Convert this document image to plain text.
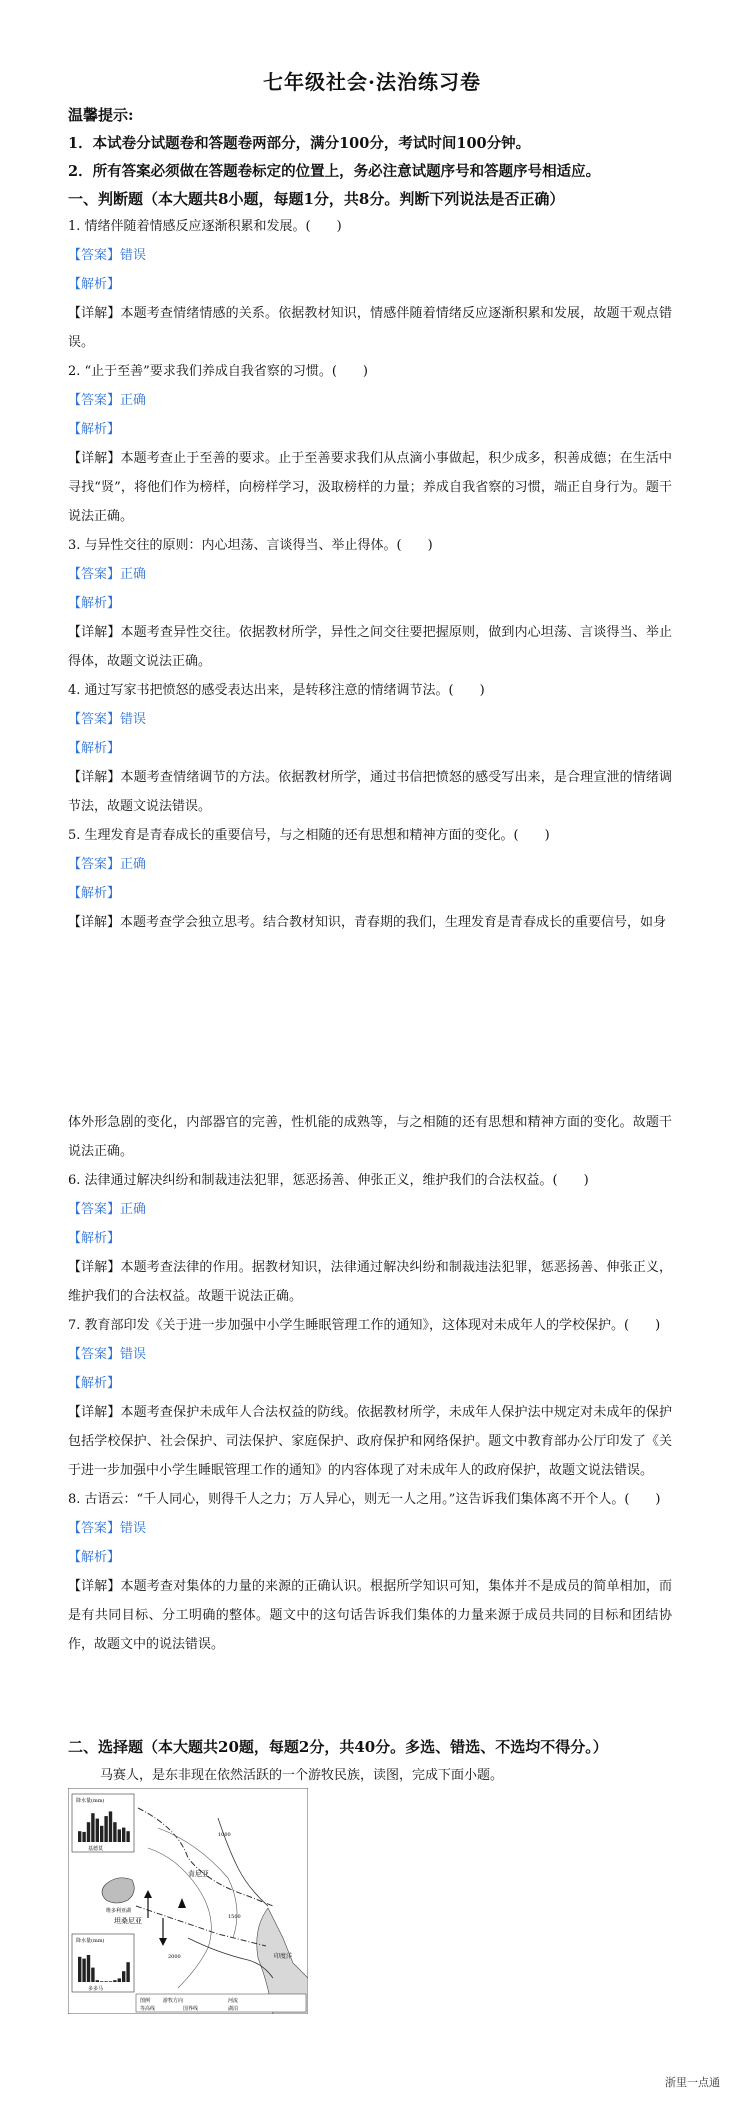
七年级社会·法治练习卷
温馨提示:
1．本试卷分试题卷和答题卷两部分，满分100分，考试时间100分钟。
2．所有答案必须做在答题卷标定的位置上，务必注意试题序号和答题序号相适应。
一、判断题（本大题共8小题，每题1分，共8分。判断下列说法是否正确）

1. 情绪伴随着情感反应逐渐积累和发展。(　　)

【答案】错误

【解析】

【详解】本题考查情绪情感的关系。依据教材知识，情感伴随着情绪反应逐渐积累和发展，故题干观点错误。

2. “止于至善”要求我们养成自我省察的习惯。(　　)

【答案】正确

【解析】

【详解】本题考查止于至善的要求。止于至善要求我们从点滴小事做起，积少成多，积善成德；在生活中寻找“贤”，将他们作为榜样，向榜样学习，汲取榜样的力量；养成自我省察的习惯，端正自身行为。题干说法正确。

3. 与异性交往的原则：内心坦荡、言谈得当、举止得体。(　　)

【答案】正确

【解析】

【详解】本题考查异性交往。依据教材所学，异性之间交往要把握原则，做到内心坦荡、言谈得当、举止得体，故题文说法正确。

4. 通过写家书把愤怒的感受表达出来，是转移注意的情绪调节法。(　　)

【答案】错误

【解析】

【详解】本题考查情绪调节的方法。依据教材所学，通过书信把愤怒的感受写出来，是合理宣泄的情绪调节法，故题文说法错误。

5. 生理发育是青春成长的重要信号，与之相随的还有思想和精神方面的变化。(　　)

【答案】正确

【解析】

【详解】本题考查学会独立思考。结合教材知识，青春期的我们，生理发育是青春成长的重要信号，如身

体外形急剧的变化，内部器官的完善，性机能的成熟等，与之相随的还有思想和精神方面的变化。故题干说法正确。

6. 法律通过解决纠纷和制裁违法犯罪，惩恶扬善、伸张正义，维护我们的合法权益。(　　)

【答案】正确

【解析】

【详解】本题考查法律的作用。据教材知识，法律通过解决纠纷和制裁违法犯罪，惩恶扬善、伸张正义，维护我们的合法权益。故题干说法正确。

7. 教育部印发《关于进一步加强中小学生睡眠管理工作的通知》，这体现对未成年人的学校保护。(　　)

【答案】错误

【解析】

【详解】本题考查保护未成年人合法权益的防线。依据教材所学，未成年人保护法中规定对未成年的保护包括学校保护、社会保护、司法保护、家庭保护、政府保护和网络保护。题文中教育部办公厅印发了《关于进一步加强中小学生睡眠管理工作的通知》的内容体现了对未成年人的政府保护，故题文说法错误。

8. 古语云：“千人同心，则得千人之力；万人异心，则无一人之用。”这告诉我们集体离不开个人。(　　)

【答案】错误

【解析】

【详解】本题考查对集体的力量的来源的正确认识。根据所学知识可知，集体并不是成员的简单相加，而是有共同目标、分工明确的整体。题文中的这句话告诉我们集体的力量来源于成员共同的目标和团结协作，故题文中的说法错误。

二、选择题（本大题共20题，每题2分，共40分。多选、错选、不选均不得分。）
马赛人，是东非现在依然活跃的一个游牧民族，读图，完成下面小题。
降水量(mm)
基德莫
降水量(mm)
多多马
肯尼亚
坦桑尼亚
印度洋
维多利亚湖
1000
1500
2000
图例	游牧方向	河流
等高线	国界线	湖泊
浙里一点通
